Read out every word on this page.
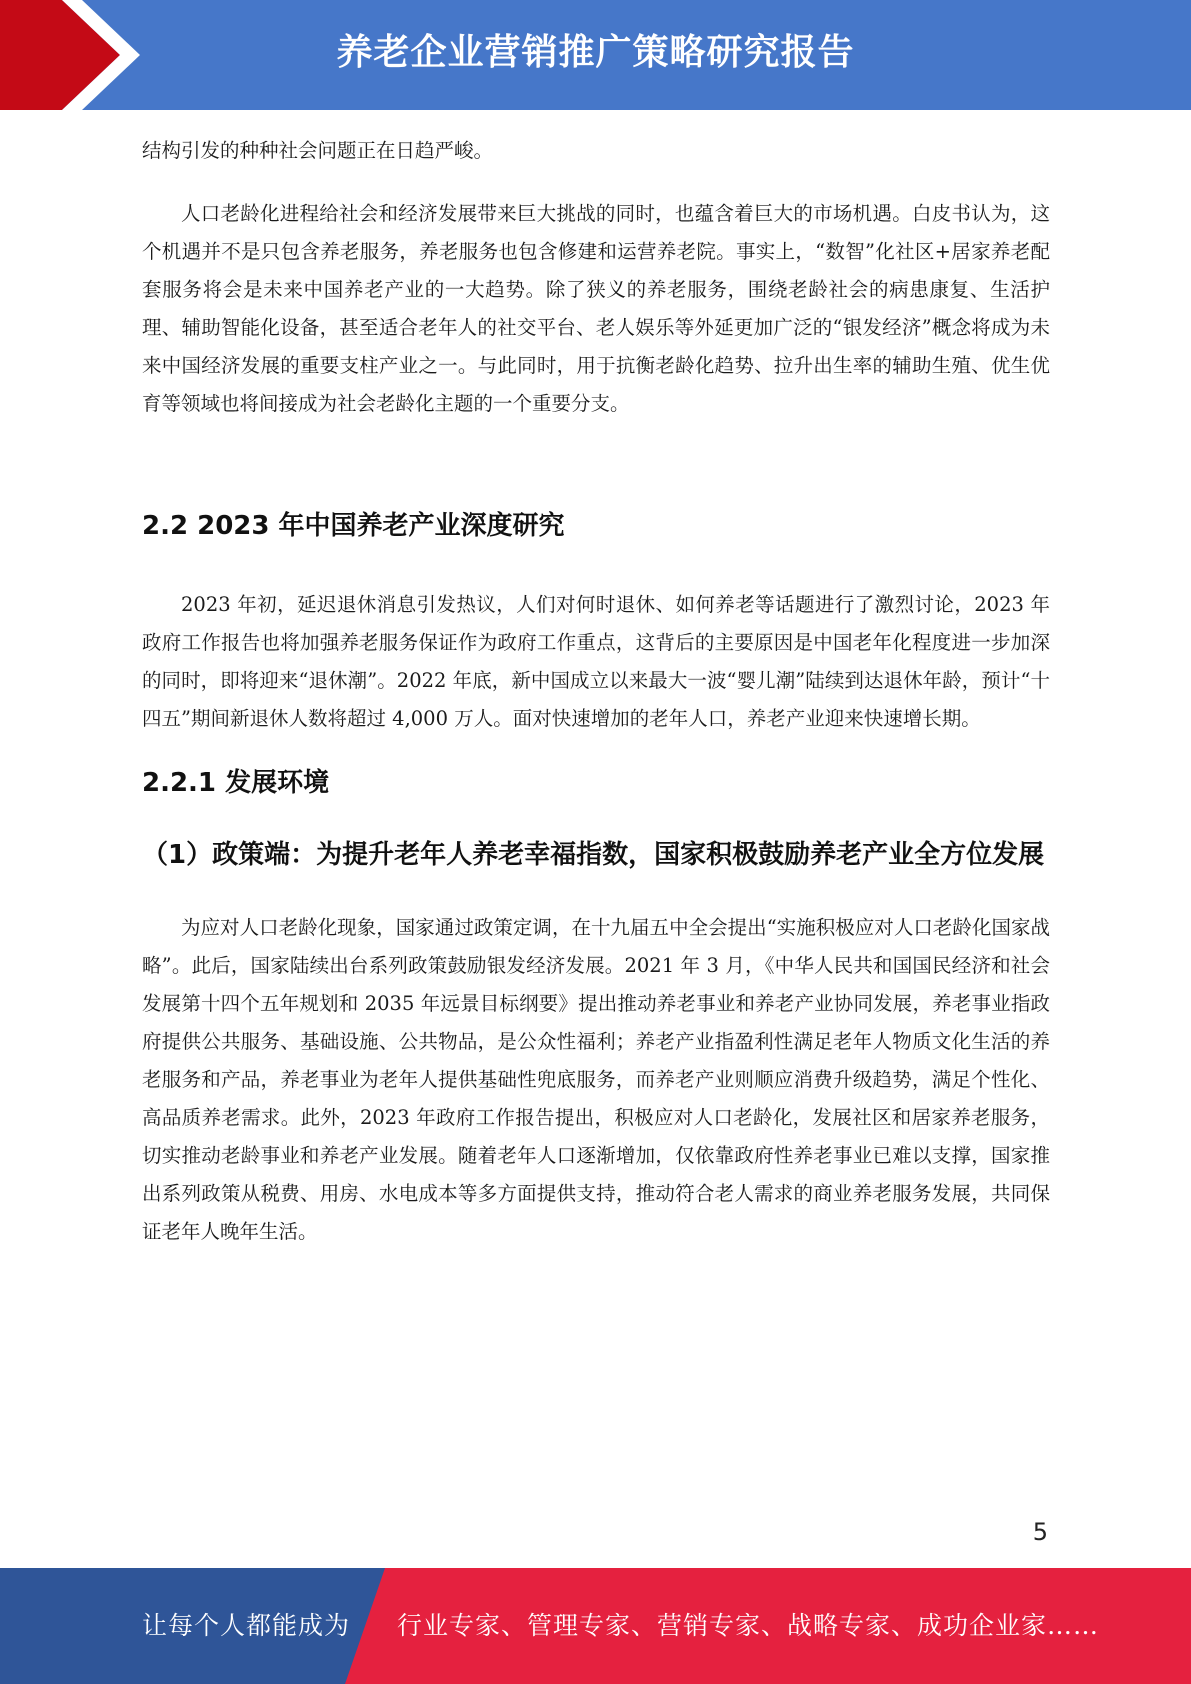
养老企业营销推广策略研究报告

结构引发的种种社会问题正在日趋严峻。

人口老龄化进程给社会和经济发展带来巨大挑战的同时，也蕴含着巨大的市场机遇。白皮书认为，这个机遇并不是只包含养老服务，养老服务也包含修建和运营养老院。事实上，“数智”化社区+居家养老配套服务将会是未来中国养老产业的一大趋势。除了狭义的养老服务，围绕老龄社会的病患康复、生活护理、辅助智能化设备，甚至适合老年人的社交平台、老人娱乐等外延更加广泛的“银发经济”概念将成为未来中国经济发展的重要支柱产业之一。与此同时，用于抗衡老龄化趋势、拉升出生率的辅助生殖、优生优育等领域也将间接成为社会老龄化主题的一个重要分支。

2.2 2023 年中国养老产业深度研究

2023 年初，延迟退休消息引发热议，人们对何时退休、如何养老等话题进行了激烈讨论，2023 年政府工作报告也将加强养老服务保证作为政府工作重点，这背后的主要原因是中国老年化程度进一步加深的同时，即将迎来“退休潮”。2022 年底，新中国成立以来最大一波“婴儿潮”陆续到达退休年龄，预计“十四五”期间新退休人数将超过 4,000 万人。面对快速增加的老年人口，养老产业迎来快速增长期。

2.2.1 发展环境
（1）政策端：为提升老年人养老幸福指数，国家积极鼓励养老产业全方位发展

为应对人口老龄化现象，国家通过政策定调，在十九届五中全会提出“实施积极应对人口老龄化国家战略”。此后，国家陆续出台系列政策鼓励银发经济发展。2021 年 3 月，《中华人民共和国国民经济和社会发展第十四个五年规划和 2035 年远景目标纲要》提出推动养老事业和养老产业协同发展，养老事业指政府提供公共服务、基础设施、公共物品，是公众性福利；养老产业指盈利性满足老年人物质文化生活的养老服务和产品，养老事业为老年人提供基础性兜底服务，而养老产业则顺应消费升级趋势，满足个性化、高品质养老需求。此外，2023 年政府工作报告提出，积极应对人口老龄化，发展社区和居家养老服务，切实推动老龄事业和养老产业发展。随着老年人口逐渐增加，仅依靠政府性养老事业已难以支撑，国家推出系列政策从税费、用房、水电成本等多方面提供支持，推动符合老人需求的商业养老服务发展，共同保证老年人晚年生活。

5
让每个人都能成为 行业专家、管理专家、营销专家、战略专家、成功企业家……
